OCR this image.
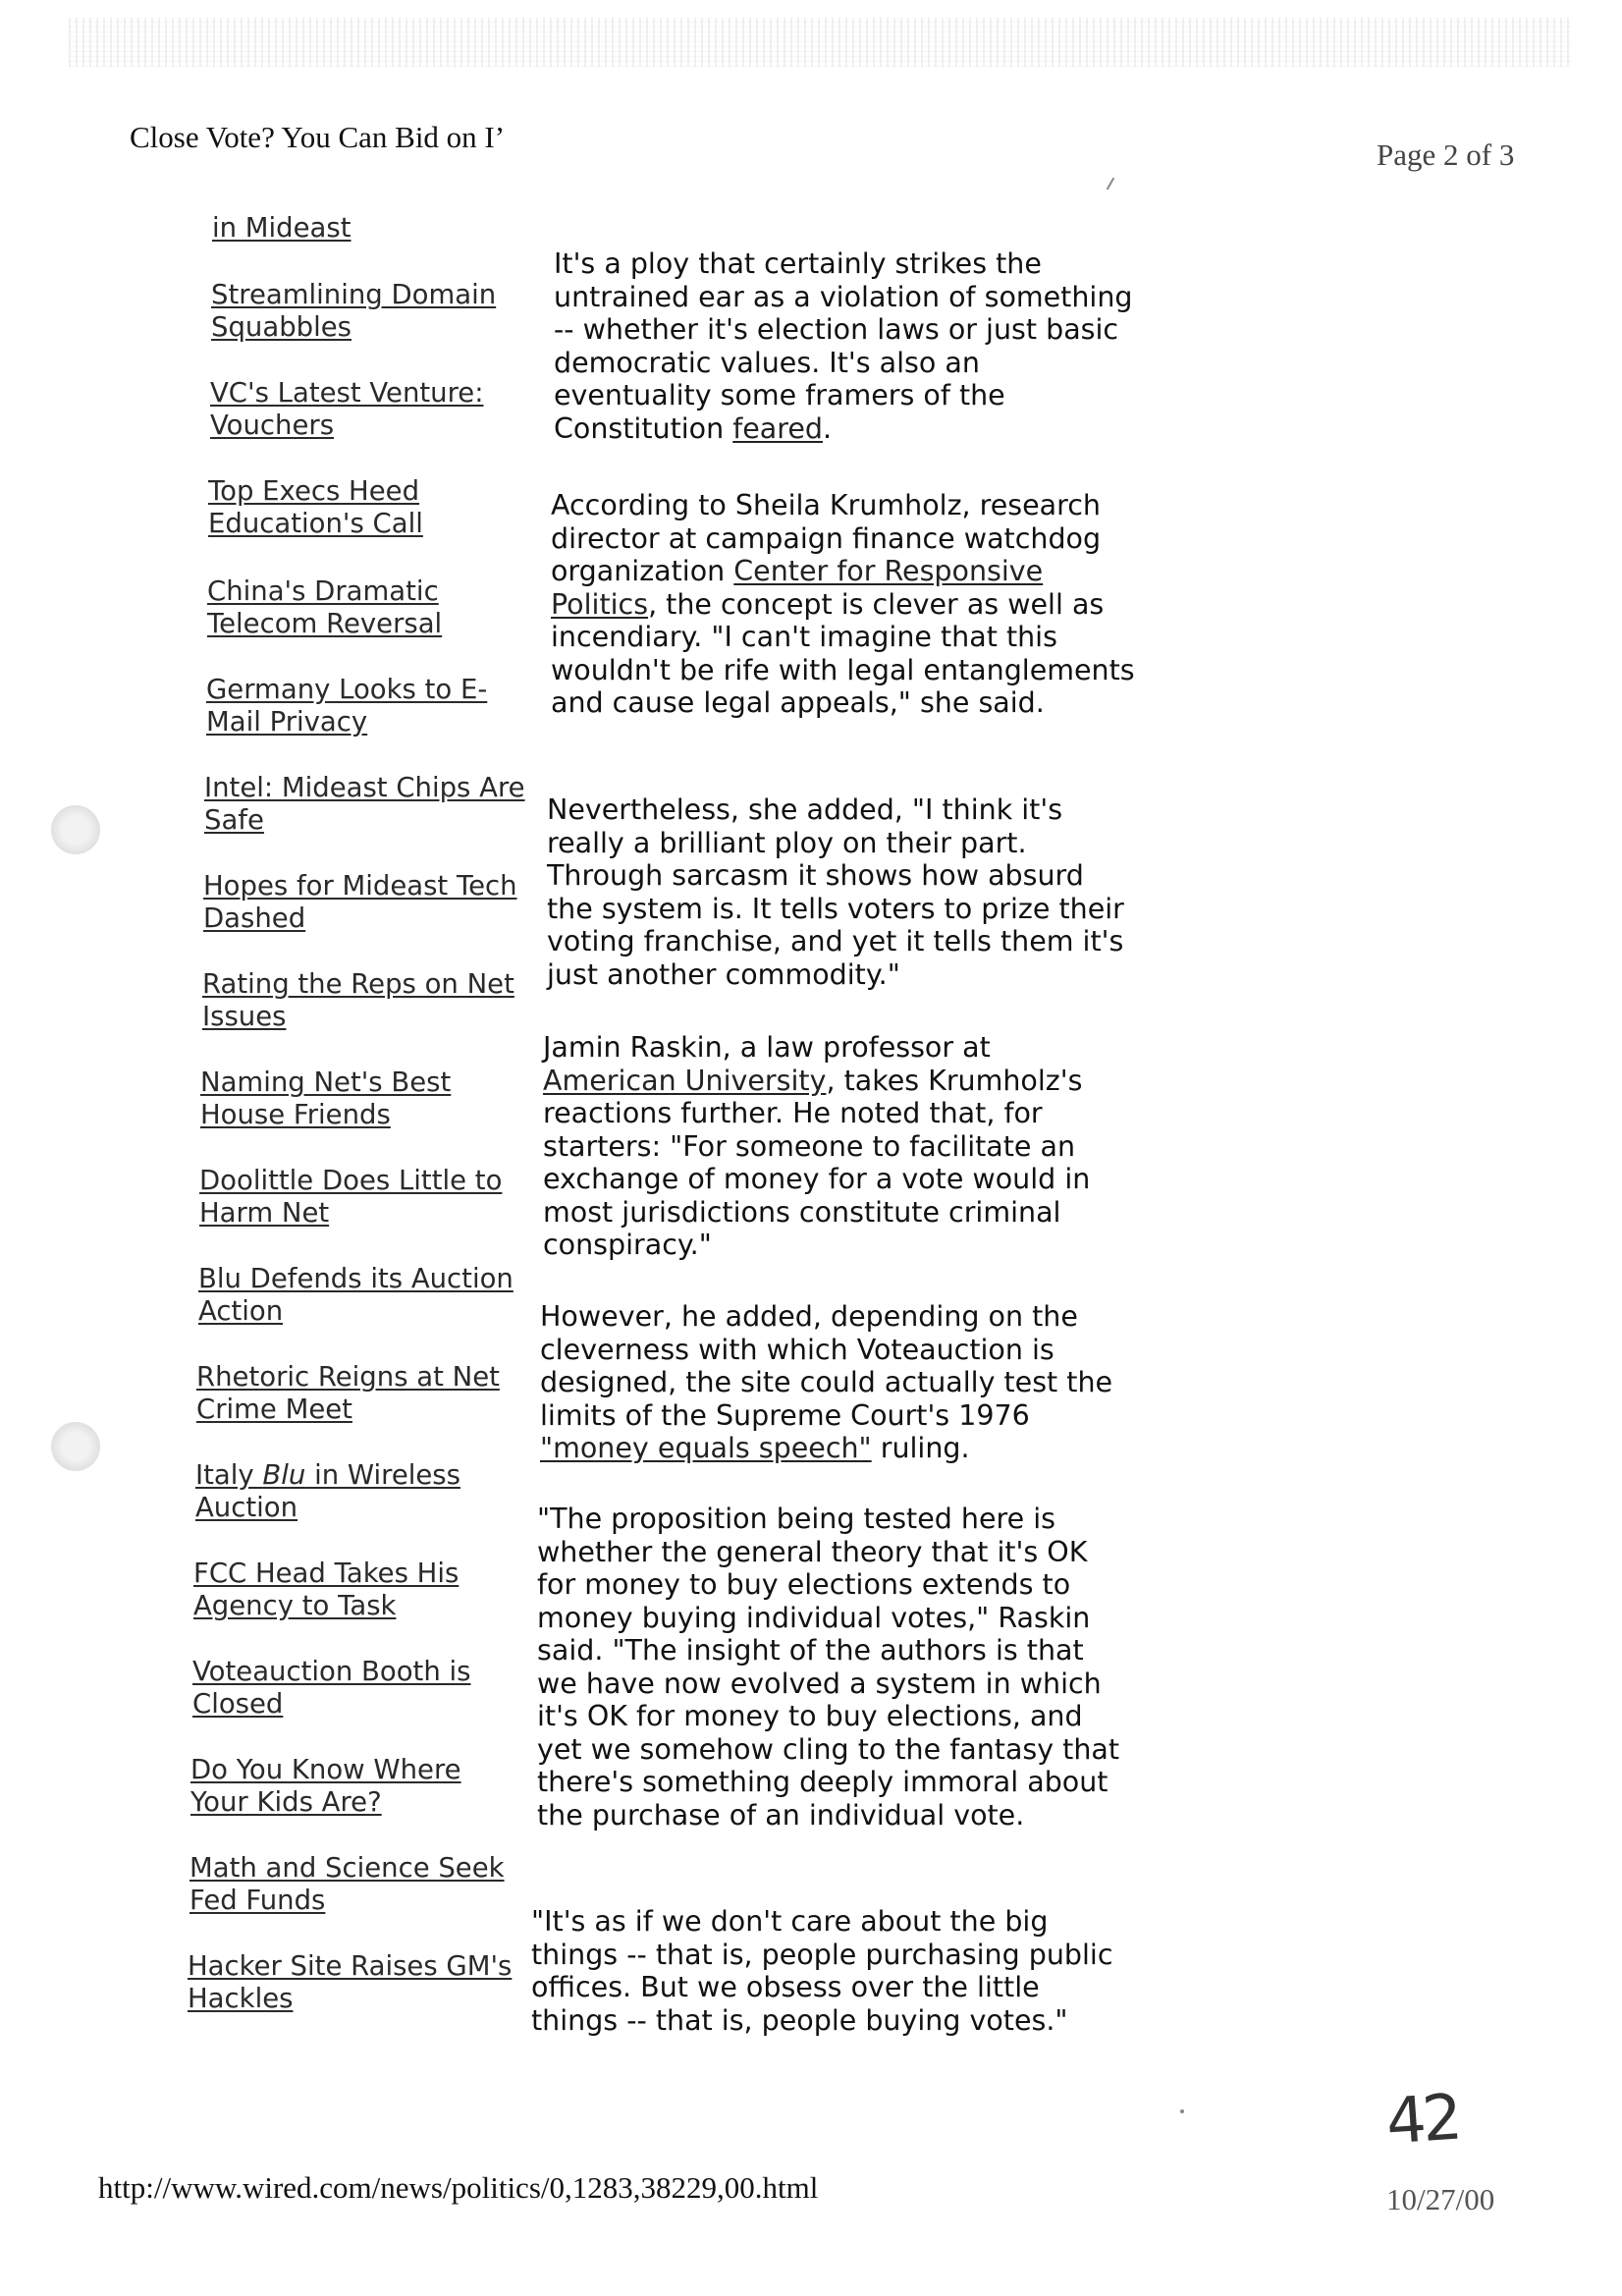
Close Vote? You Can Bid on I’
Page 2 of 3
in Mideast
Streamlining Domain Squabbles
VC's Latest Venture: Vouchers
Top Execs Heed Education's Call
China's Dramatic Telecom Reversal
Germany Looks to E-Mail Privacy
Intel: Mideast Chips Are Safe
Hopes for Mideast Tech Dashed
Rating the Reps on Net Issues
Naming Net's Best House Friends
Doolittle Does Little to Harm Net
Blu Defends its Auction Action
Rhetoric Reigns at Net Crime Meet
Italy Blu in Wireless Auction
FCC Head Takes His Agency to Task
Voteauction Booth is Closed
Do You Know Where Your Kids Are?
Math and Science Seek Fed Funds
Hacker Site Raises GM's Hackles

It's a ploy that certainly strikes the untrained ear as a violation of something -- whether it's election laws or just basic democratic values. It's also an eventuality some framers of the Constitution feared.

According to Sheila Krumholz, research director at campaign finance watchdog organization Center for Responsive Politics, the concept is clever as well as incendiary. "I can't imagine that this wouldn't be rife with legal entanglements and cause legal appeals," she said.

Nevertheless, she added, "I think it's really a brilliant ploy on their part. Through sarcasm it shows how absurd the system is. It tells voters to prize their voting franchise, and yet it tells them it's just another commodity."

Jamin Raskin, a law professor at American University, takes Krumholz's reactions further. He noted that, for starters: "For someone to facilitate an exchange of money for a vote would in most jurisdictions constitute criminal conspiracy."

However, he added, depending on the cleverness with which Voteauction is designed, the site could actually test the limits of the Supreme Court's 1976 "money equals speech" ruling.

"The proposition being tested here is whether the general theory that it's OK for money to buy elections extends to money buying individual votes," Raskin said. "The insight of the authors is that we have now evolved a system in which it's OK for money to buy elections, and yet we somehow cling to the fantasy that there's something deeply immoral about the purchase of an individual vote.

"It's as if we don't care about the big things -- that is, people purchasing public offices. But we obsess over the little things -- that is, people buying votes."

42
http://www.wired.com/news/politics/0,1283,38229,00.html	10/27/00
